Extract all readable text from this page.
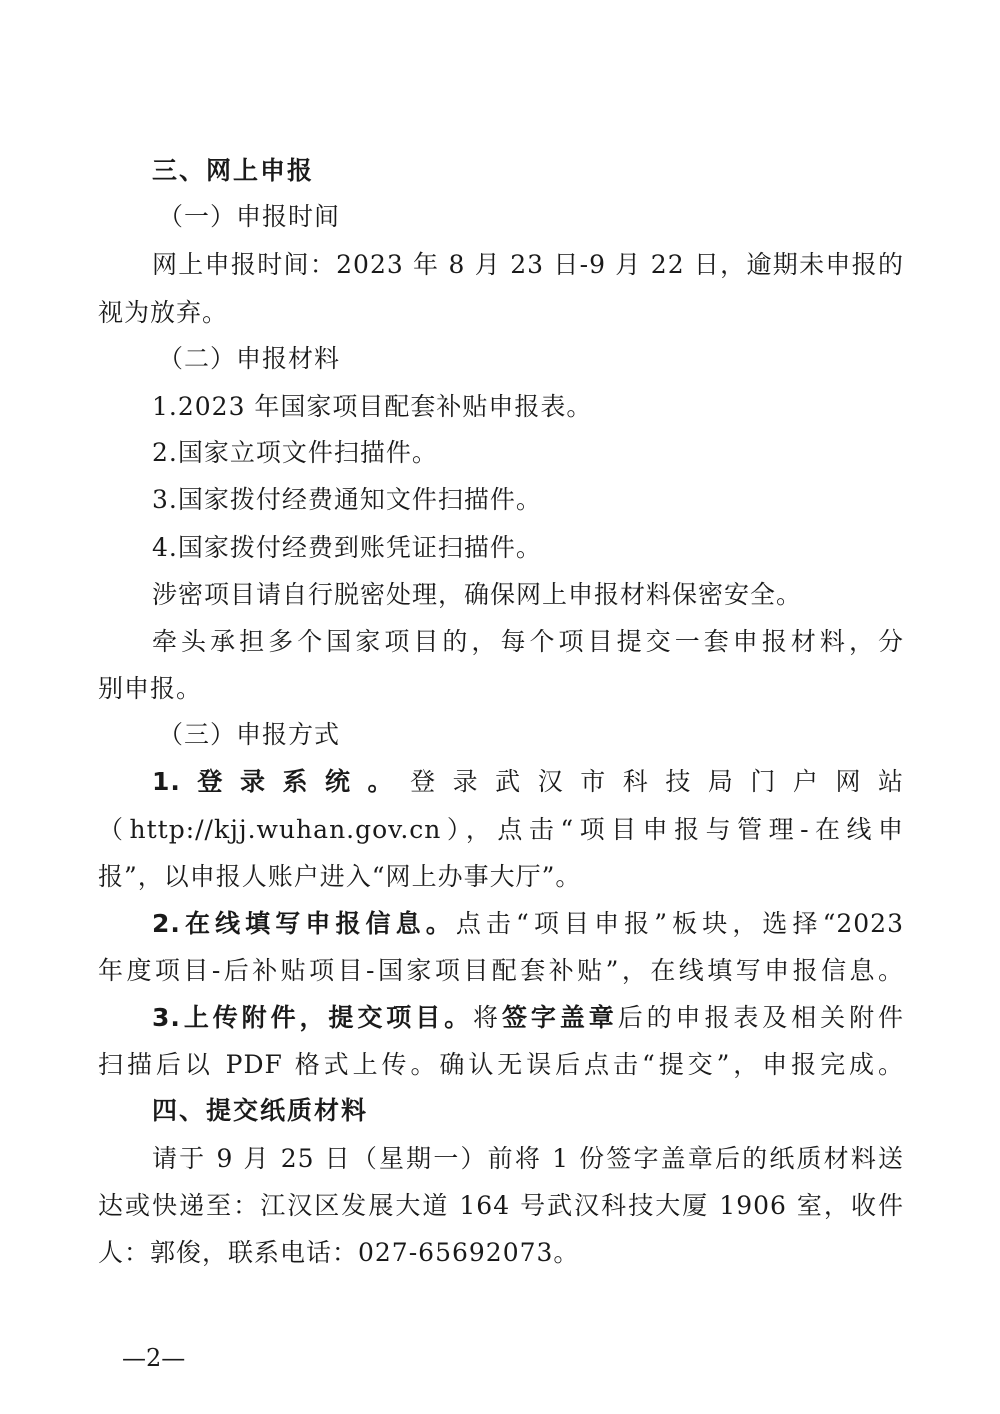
三、网上申报
（一）申报时间
网上申报时间：2023 年 8 月 23 日-9 月 22 日，逾期未申报的
视为放弃。
（二）申报材料
1.2023 年国家项目配套补贴申报表。
2.国家立项文件扫描件。
3.国家拨付经费通知文件扫描件。
4.国家拨付经费到账凭证扫描件。
涉密项目请自行脱密处理，确保网上申报材料保密安全。
牵头承担多个国家项目的，每个项目提交一套申报材料，分
别申报。
（三）申报方式
1.登录系统。登录武汉市科技局门户网站
（http://kjj.wuhan.gov.cn），点击“项目申报与管理-在线申
报”，以申报人账户进入“网上办事大厅”。
2.在线填写申报信息。点击“项目申报”板块，选择“2023
年度项目-后补贴项目-国家项目配套补贴”，在线填写申报信息。
3.上传附件，提交项目。将签字盖章后的申报表及相关附件
扫描后以 PDF 格式上传。确认无误后点击“提交”，申报完成。
四、提交纸质材料
请于 9 月 25 日（星期一）前将 1 份签字盖章后的纸质材料送
达或快递至：江汉区发展大道 164 号武汉科技大厦 1906 室，收件
人：郭俊，联系电话：027-65692073。
—2—
